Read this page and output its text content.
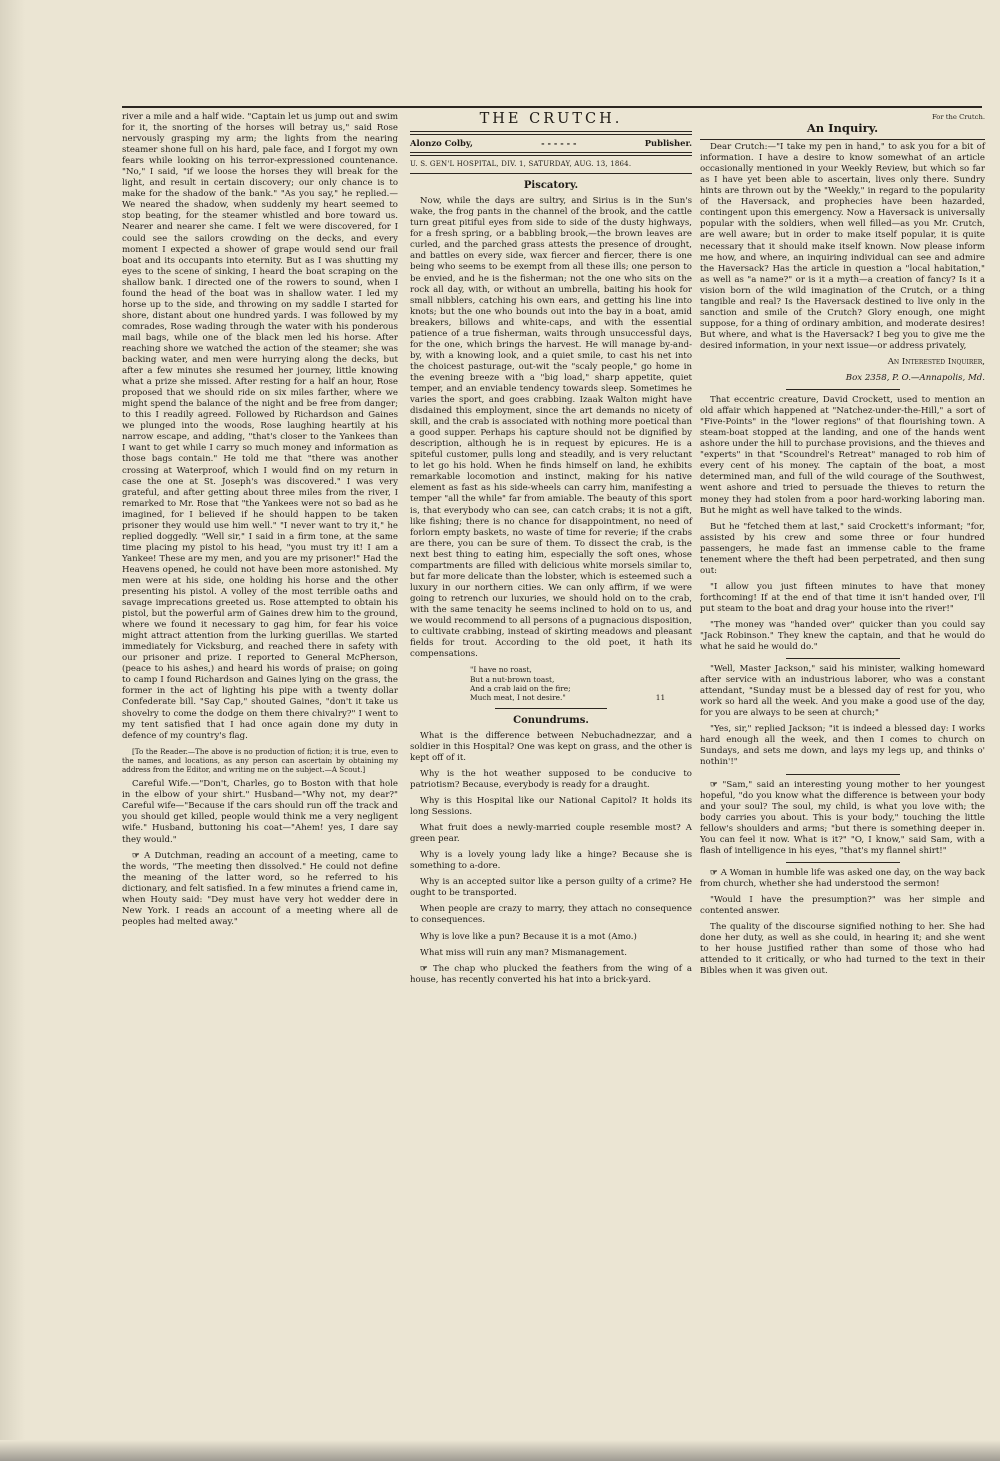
river a mile and a half wide. "Captain let us jump out and swim for it, the snorting of the horses will betray us," said Rose nervously grasping my arm; the lights from the nearing steamer shone full on his hard, pale face, and I forgot my own fears while looking on his terror-expressioned countenance. "No," I said, "if we loose the horses they will break for the light, and result in certain discovery; our only chance is to make for the shadow of the bank." "As you say," he replied.— We neared the shadow, when suddenly my heart seemed to stop beating, for the steamer whistled and bore toward us. Nearer and nearer she came. I felt we were discovered, for I could see the sailors crowding on the decks, and every moment I expected a shower of grape would send our frail boat and its occupants into eternity. But as I was shutting my eyes to the scene of sinking, I heard the boat scraping on the shallow bank. I directed one of the rowers to sound, when I found the head of the boat was in shallow water. I led my horse up to the side, and throwing on my saddle I started for shore, distant about one hundred yards. I was followed by my comrades, Rose wading through the water with his ponderous mail bags, while one of the black men led his horse. After reaching shore we watched the action of the steamer; she was backing water, and men were hurrying along the decks, but after a few minutes she resumed her journey, little knowing what a prize she missed. After resting for a half an hour, Rose proposed that we should ride on six miles farther, where we might spend the balance of the night and be free from danger; to this I readily agreed. Followed by Richardson and Gaines we plunged into the woods, Rose laughing heartily at his narrow escape, and adding, "that's closer to the Yankees than I want to get while I carry so much money and information as those bags contain." He told me that "there was another crossing at Waterproof, which I would find on my return in case the one at St. Joseph's was discovered." I was very grateful, and after getting about three miles from the river, I remarked to Mr. Rose that "the Yankees were not so bad as he imagined, for I believed if he should happen to be taken prisoner they would use him well." "I never want to try it," he replied doggedly. "Well sir," I said in a firm tone, at the same time placing my pistol to his head, "you must try it! I am a Yankee! These are my men, and you are my prisoner!" Had the Heavens opened, he could not have been more astonished. My men were at his side, one holding his horse and the other presenting his pistol. A volley of the most terrible oaths and savage imprecations greeted us. Rose attempted to obtain his pistol, but the powerful arm of Gaines drew him to the ground, where we found it necessary to gag him, for fear his voice might attract attention from the lurking guerillas. We started immediately for Vicksburg, and reached there in safety with our prisoner and prize. I reported to General McPherson, (peace to his ashes,) and heard his words of praise; on going to camp I found Richardson and Gaines lying on the grass, the former in the act of lighting his pipe with a twenty dollar Confederate bill. "Say Cap," shouted Gaines, "don't it take us shovelry to come the dodge on them there chivalry?" I went to my tent satisfied that I had once again done my duty in defence of my country's flag.

[To the Reader.—The above is no production of fiction; it is true, even to the names, and locations, as any person can ascertain by obtaining my address from the Editor, and writing me on the subject.—A Scout.]

Careful Wife.—"Don't, Charles, go to Boston with that hole in the elbow of your shirt." Husband—"Why not, my dear?" Careful wife—"Because if the cars should run off the track and you should get killed, people would think me a very negligent wife." Husband, buttoning his coat—"Ahem! yes, I dare say they would."

☞ A Dutchman, reading an account of a meeting, came to the words, "The meeting then dissolved." He could not define the meaning of the latter word, so he referred to his dictionary, and felt satisfied. In a few minutes a friend came in, when Houty said: "Dey must have very hot wedder dere in New York. I reads an account of a meeting where all de peoples had melted away."

THE CRUTCH.
Alonzo Colby,	- - - - - -	Publisher.
U. S. GEN'L HOSPITAL, DIV. 1, SATURDAY, AUG. 13, 1864.
Piscatory.

Now, while the days are sultry, and Sirius is in the Sun's wake, the frog pants in the channel of the brook, and the cattle turn great pitiful eyes from side to side of the dusty highways, for a fresh spring, or a babbling brook,—the brown leaves are curled, and the parched grass attests the presence of drought, and battles on every side, wax fiercer and fiercer, there is one being who seems to be exempt from all these ills; one person to be envied, and he is the fisherman; not the one who sits on the rock all day, with, or without an umbrella, baiting his hook for small nibblers, catching his own ears, and getting his line into knots; but the one who bounds out into the bay in a boat, amid breakers, billows and white-caps, and with the essential patience of a true fisherman, waits through unsuccessful days, for the one, which brings the harvest. He will manage by-and-by, with a knowing look, and a quiet smile, to cast his net into the choicest pasturage, out-wit the "scaly people," go home in the evening breeze with a "big load," sharp appetite, quiet temper, and an enviable tendency towards sleep. Sometimes he varies the sport, and goes crabbing. Izaak Walton might have disdained this employment, since the art demands no nicety of skill, and the crab is associated with nothing more poetical than a good supper. Perhaps his capture should not be dignified by description, although he is in request by epicures. He is a spiteful customer, pulls long and steadily, and is very reluctant to let go his hold. When he finds himself on land, he exhibits remarkable locomotion and instinct, making for his native element as fast as his side-wheels can carry him, manifesting a temper "all the while" far from amiable. The beauty of this sport is, that everybody who can see, can catch crabs; it is not a gift, like fishing; there is no chance for disappointment, no need of forlorn empty baskets, no waste of time for reverie; if the crabs are there, you can be sure of them. To dissect the crab, is the next best thing to eating him, especially the soft ones, whose compartments are filled with delicious white morsels similar to, but far more delicate than the lobster, which is esteemed such a luxury in our northern cities. We can only affirm, if we were going to retrench our luxuries, we should hold on to the crab, with the same tenacity he seems inclined to hold on to us, and we would recommend to all persons of a pugnacious disposition, to cultivate crabbing, instead of skirting meadows and pleasant fields for trout. According to the old poet, it hath its compensations.

"I have no roast,
But a nut-brown toast,
And a crab laid on the fire;
Much meat, I not desire."	11
Conundrums.

What is the difference between Nebuchadnezzar, and a soldier in this Hospital? One was kept on grass, and the other is kept off of it.

Why is the hot weather supposed to be conducive to patriotism? Because, everybody is ready for a draught.

Why is this Hospital like our National Capitol? It holds its long Sessions.

What fruit does a newly-married couple resemble most? A green pear.

Why is a lovely young lady like a hinge? Because she is something to a-dore.

Why is an accepted suitor like a person guilty of a crime? He ought to be transported.

When people are crazy to marry, they attach no consequence to consequences.

Why is love like a pun? Because it is a mot (Amo.)

What miss will ruin any man? Mismanagement.

☞ The chap who plucked the feathers from the wing of a house, has recently converted his hat into a brick-yard.

For the Crutch.
An Inquiry.

Dear Crutch:—"I take my pen in hand," to ask you for a bit of information. I have a desire to know somewhat of an article occasionally mentioned in your Weekly Review, but which so far as I have yet been able to ascertain, lives only there. Sundry hints are thrown out by the "Weekly," in regard to the popularity of the Haversack, and prophecies have been hazarded, contingent upon this emergency. Now a Haversack is universally popular with the soldiers, when well filled—as you Mr. Crutch, are well aware; but in order to make itself popular, it is quite necessary that it should make itself known. Now please inform me how, and where, an inquiring individual can see and admire the Haversack? Has the article in question a "local habitation," as well as "a name?" or is it a myth—a creation of fancy? Is it a vision born of the wild imagination of the Crutch, or a thing tangible and real? Is the Haversack destined to live only in the sanction and smile of the Crutch? Glory enough, one might suppose, for a thing of ordinary ambition, and moderate desires! But where, and what is the Haversack? I beg you to give me the desired information, in your next issue—or address privately,

An Interested Inquirer,

Box 2358, P. O.—Annapolis, Md.

That eccentric creature, David Crockett, used to mention an old affair which happened at "Natchez-under-the-Hill," a sort of "Five-Points" in the "lower regions" of that flourishing town. A steam-boat stopped at the landing, and one of the hands went ashore under the hill to purchase provisions, and the thieves and "experts" in that "Scoundrel's Retreat" managed to rob him of every cent of his money. The captain of the boat, a most determined man, and full of the wild courage of the Southwest, went ashore and tried to persuade the thieves to return the money they had stolen from a poor hard-working laboring man. But he might as well have talked to the winds.

But he "fetched them at last," said Crockett's informant; "for, assisted by his crew and some three or four hundred passengers, he made fast an immense cable to the frame tenement where the theft had been perpetrated, and then sung out:

"I allow you just fifteen minutes to have that money forthcoming! If at the end of that time it isn't handed over, I'll put steam to the boat and drag your house into the river!"

"The money was "handed over" quicker than you could say "Jack Robinson." They knew the captain, and that he would do what he said he would do."

"Well, Master Jackson," said his minister, walking homeward after service with an industrious laborer, who was a constant attendant, "Sunday must be a blessed day of rest for you, who work so hard all the week. And you make a good use of the day, for you are always to be seen at church;"

"Yes, sir," replied Jackson; "it is indeed a blessed day: I works hard enough all the week, and then I comes to church on Sundays, and sets me down, and lays my legs up, and thinks o' nothin'!"

☞ "Sam," said an interesting young mother to her youngest hopeful, "do you know what the difference is between your body and your soul? The soul, my child, is what you love with; the body carries you about. This is your body," touching the little fellow's shoulders and arms; "but there is something deeper in. You can feel it now. What is it?" "O, I know," said Sam, with a flash of intelligence in his eyes, "that's my flannel shirt!"

☞ A Woman in humble life was asked one day, on the way back from church, whether she had understood the sermon!

"Would I have the presumption?" was her simple and contented answer.

The quality of the discourse signified nothing to her. She had done her duty, as well as she could, in hearing it; and she went to her house justified rather than some of those who had attended to it critically, or who had turned to the text in their Bibles when it was given out.
